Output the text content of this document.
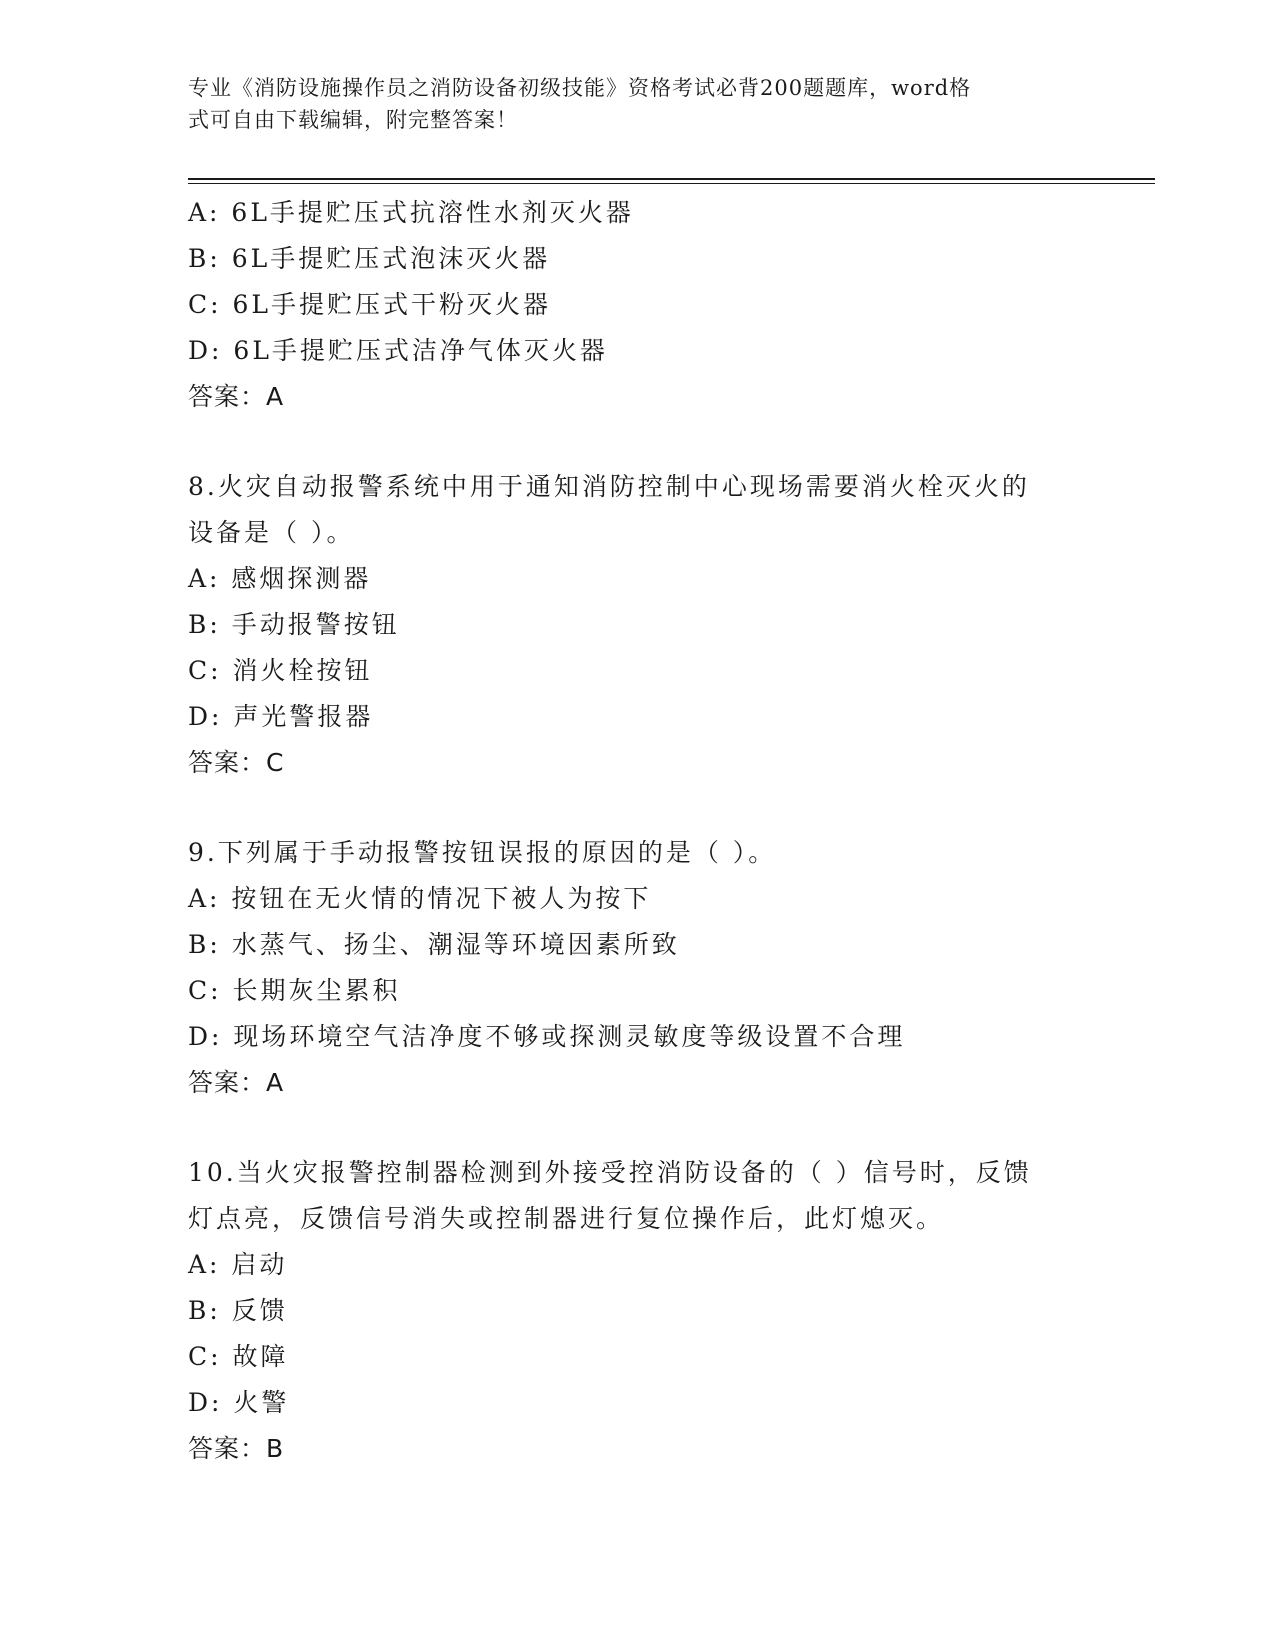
专业《消防设施操作员之消防设备初级技能》资格考试必背200题题库，word格
式可自由下载编辑，附完整答案！
A: 6L手提贮压式抗溶性水剂灭火器
B: 6L手提贮压式泡沫灭火器
C: 6L手提贮压式干粉灭火器
D: 6L手提贮压式洁净气体灭火器
答案：A
8.火灾自动报警系统中用于通知消防控制中心现场需要消火栓灭火的
设备是（ ）。
A: 感烟探测器
B: 手动报警按钮
C: 消火栓按钮
D: 声光警报器
答案：C
9.下列属于手动报警按钮误报的原因的是（ ）。
A: 按钮在无火情的情况下被人为按下
B: 水蒸气、扬尘、潮湿等环境因素所致
C: 长期灰尘累积
D: 现场环境空气洁净度不够或探测灵敏度等级设置不合理
答案：A
10.当火灾报警控制器检测到外接受控消防设备的（ ）信号时，反馈
灯点亮，反馈信号消失或控制器进行复位操作后，此灯熄灭。
A: 启动
B: 反馈
C: 故障
D: 火警
答案：B
